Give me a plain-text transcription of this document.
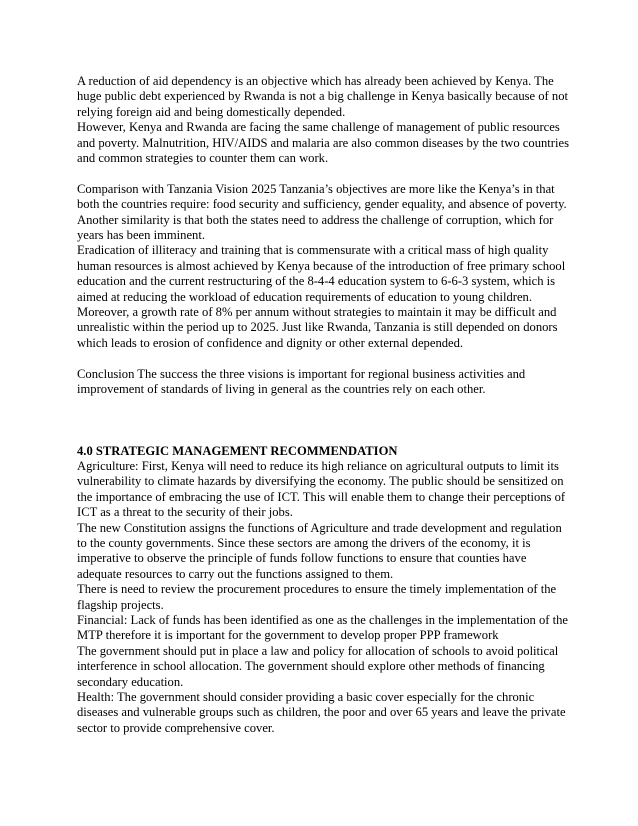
A reduction of aid dependency is an objective which has already been achieved by Kenya. The huge public debt experienced by Rwanda is not a big challenge in Kenya basically because of not relying foreign aid and being domestically depended.

However, Kenya and Rwanda are facing the same challenge of management of public resources and poverty. Malnutrition, HIV/AIDS and malaria are also common diseases by the two countries and common strategies to counter them can work.

Comparison with Tanzania Vision 2025 Tanzania’s objectives are more like the Kenya’s in that both the countries require: food security and sufficiency, gender equality, and absence of poverty. Another similarity is that both the states need to address the challenge of corruption, which for years has been imminent.

Eradication of illiteracy and training that is commensurate with a critical mass of high quality human resources is almost achieved by Kenya because of the introduction of free primary school education and the current restructuring of the 8-4-4 education system to 6-6-3 system, which is aimed at reducing the workload of education requirements of education to young children.

Moreover, a growth rate of 8% per annum without strategies to maintain it may be difficult and unrealistic within the period up to 2025. Just like Rwanda, Tanzania is still depended on donors which leads to erosion of confidence and dignity or other external depended.

Conclusion The success the three visions is important for regional business activities and improvement of standards of living in general as the countries rely on each other.

4.0 STRATEGIC MANAGEMENT RECOMMENDATION

Agriculture: First, Kenya will need to reduce its high reliance on agricultural outputs to limit its vulnerability to climate hazards by diversifying the economy. The public should be sensitized on the importance of embracing the use of ICT. This will enable them to change their perceptions of ICT as a threat to the security of their jobs.

The new Constitution assigns the functions of Agriculture and trade development and regulation to the county governments. Since these sectors are among the drivers of the economy, it is imperative to observe the principle of funds follow functions to ensure that counties have adequate resources to carry out the functions assigned to them.

There is need to review the procurement procedures to ensure the timely implementation of the flagship projects.

Financial: Lack of funds has been identified as one as the challenges in the implementation of the MTP therefore it is important for the government to develop proper PPP framework

The government should put in place a law and policy for allocation of schools to avoid political interference in school allocation. The government should explore other methods of financing secondary education.

Health: The government should consider providing a basic cover especially for the chronic diseases and vulnerable groups such as children, the poor and over 65 years and leave the private sector to provide comprehensive cover.
